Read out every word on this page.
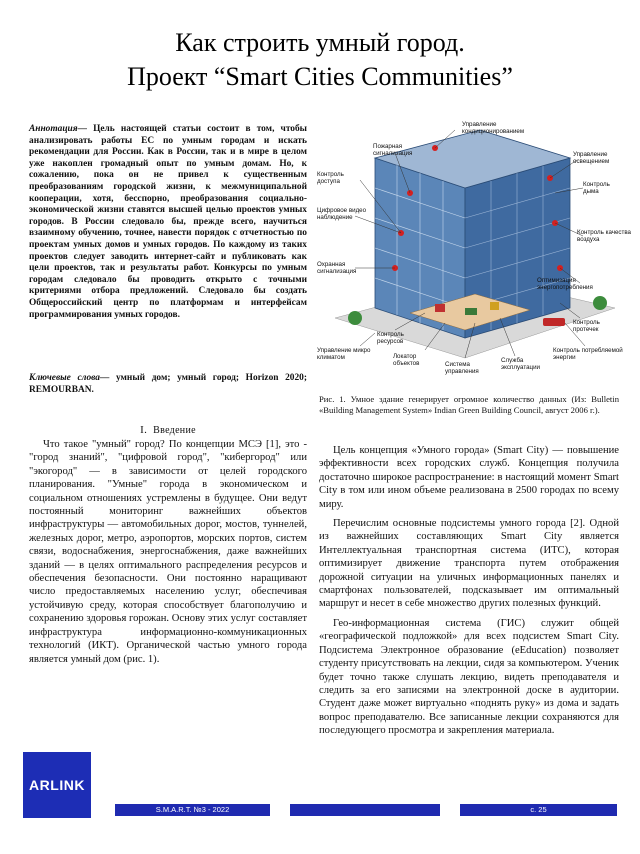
Как строить умный город.
Проект “Smart Cities Communities”
Аннотация— Цель настоящей статьи состоит в том, чтобы анализировать работы ЕС по умным городам и искать рекомендации для России. Как в России, так и в мире в целом уже накоплен громадный опыт по умным домам. Но, к сожалению, пока он не привел к существенным преобразованиям городской жизни, к межмуниципальной кооперации, хотя, бесспорно, преобразования социально-экономической жизни ставятся высшей целью проектов умных городов. В России следовало бы, прежде всего, научиться взаимному обучению, точнее, навести порядок с отчетностью по проектам умных домов и умных городов. По каждому из таких проектов следует заводить интернет-сайт и публиковать как цели проектов, так и результаты работ. Конкурсы по умным городам следовало бы проводить открыто с точными критериями отбора предложений. Следовало бы создать Общероссийский центр по платформам и интерфейсам программирования умных городов.
Ключевые слова— умный дом; умный город; Horizon 2020; REMOURBAN.
I. Введение

Что такое "умный" город? По концепции МСЭ [1], это - "город знаний", "цифровой город", "кибергород" или "экогород" — в зависимости от целей городского планирования. "Умные" города в экономическом и социальном отношениях устремлены в будущее. Они ведут постоянный мониторинг важнейших объектов инфраструктуры — автомобильных дорог, мостов, туннелей, железных дорог, метро, аэропортов, морских портов, систем связи, водоснабжения, энергоснабжения, даже важнейших зданий — в целях оптимального распределения ресурсов и обеспечения безопасности. Они постоянно наращивают число предоставляемых населению услуг, обеспечивая устойчивую среду, которая способствует благополучию и сохранению здоровья горожан. Основу этих услуг составляет инфраструктура информационно-коммуникационных технологий (ИКТ). Органической частью умного города является умный дом (рис. 1).

Управление кондиционированием
Пожарная сигнализация
Контроль доступа
Цифровое видео наблюдение
Управление освещением
Контроль дыма
Контроль качества воздуха
Охранная сигнализация
Оптимизация энергопотребления
Контроль ресурсов
Контроль протечек
Управление микро климатом	Локатор объектов	Система управления
Служба эксплуатации
Контроль потребляемой энергии
Рис. 1. Умное здание генерирует огромное количество данных (Из: Bulletin «Building Management System» Indian Green Building Council, август 2006 г.).

Цель концепция «Умного города» (Smart City) — повышение эффективности всех городских служб. Концепция получила достаточно широкое распространение: в настоящий момент Smart City в том или ином объеме реализована в 2500 городах по всему миру.

Перечислим основные подсистемы умного города [2]. Одной из важнейших составляющих Smart City является Интеллектуальная транспортная система (ИТС), которая оптимизирует движение транспорта путем отображения дорожной ситуации на уличных информационных панелях и смартфонах пользователей, подсказывает им оптимальный маршрут и несет в себе множество других полезных функций.

Гео-информационная система (ГИС) служит общей «географической подложкой» для всех подсистем Smart City. Подсистема Электронное образование (eEducation) позволяет студенту присутствовать на лекции, сидя за компьютером. Ученик будет точно также слушать лекцию, видеть преподавателя и следить за его записями на электронной доске в аудитории. Студент даже может виртуально «поднять руку» из дома и задать вопрос преподавателю. Все записанные лекции сохраняются для последующего просмотра и закрепления материала.

ARLINK
S.M.A.R.T. №3 - 2022	с. 25
